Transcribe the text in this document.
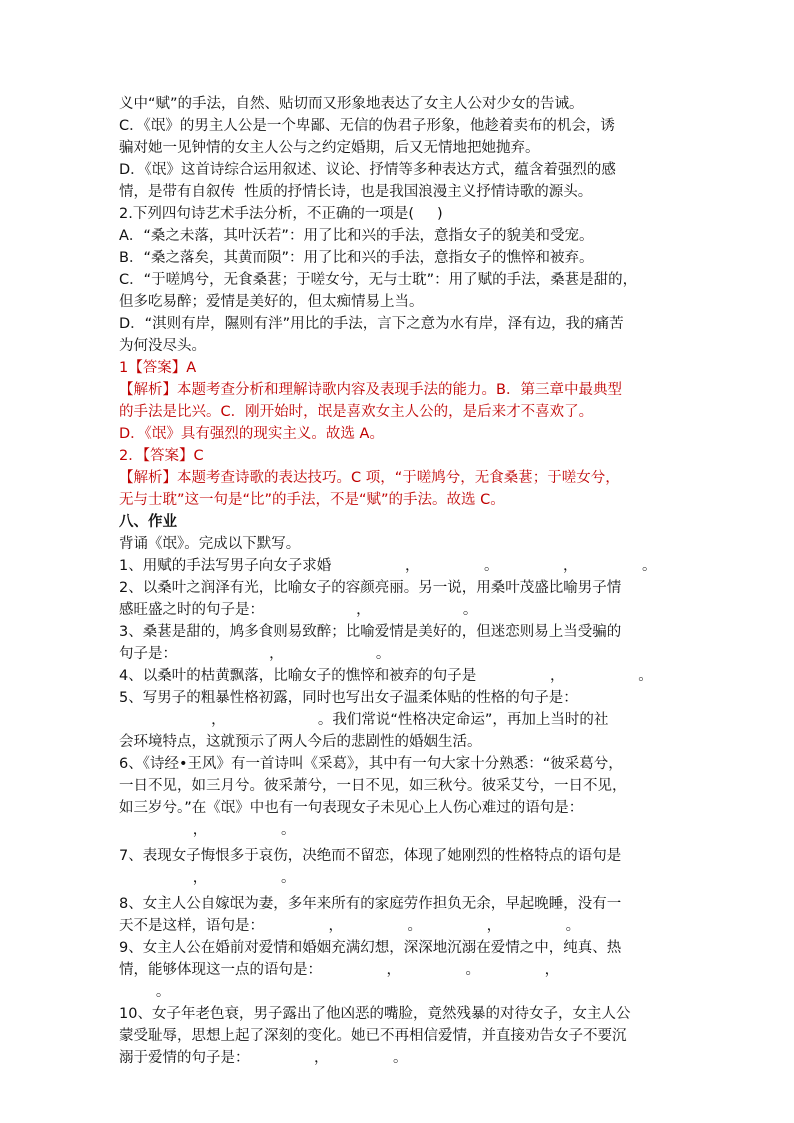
义中“赋”的手法，自然、贴切而又形象地表达了女主人公对少女的告诫。
C．《氓》的男主人公是一个卑鄙、无信的伪君子形象，他趁着卖布的机会，诱
骗对她一见钟情的女主人公与之约定婚期，后又无情地把她抛弃。
D．《氓》这首诗综合运用叙述、议论、抒情等多种表达方式，蕴含着强烈的感
情，是带有自叙传  性质的抒情长诗，也是我国浪漫主义抒情诗歌的源头。
2.下列四句诗艺术手法分析，不正确的一项是(     )
A．“桑之未落，其叶沃若”：用了比和兴的手法，意指女子的貌美和受宠。
B．“桑之落矣，其黄而陨”：用了比和兴的手法，意指女子的憔悴和被弃。
C．“于嗟鸠兮，无食桑葚；于嗟女兮，无与士耽”：用了赋的手法，桑葚是甜的，
但多吃易醉；爱情是美好的，但太痴情易上当。
D．“淇则有岸，隰则有泮”用比的手法，言下之意为水有岸，泽有边，我的痛苦
为何没尽头。
1【答案】A
【解析】本题考查分析和理解诗歌内容及表现手法的能力。B．第三章中最典型
的手法是比兴。C．刚开始时，氓是喜欢女主人公的，是后来才不喜欢了。
D．《氓》具有强烈的现实主义。故选 A。
2．【答案】C
【解析】本题考查诗歌的表达技巧。C 项，“于嗟鸠兮，无食桑葚；于嗟女兮，
无与士耽”这一句是“比”的手法，不是“赋”的手法。故选 C。
八、作业
背诵《氓》。完成以下默写。
1、用赋的手法写男子向女子求婚                ，              。              ，              。
2、以桑叶之润泽有光，比喻女子的容颜亮丽。另一说，用桑叶茂盛比喻男子情
感旺盛之时的句子是：                    ，                    。
3、桑葚是甜的，鸠多食则易致醉；比喻爱情是美好的，但迷恋则易上当受骗的
句子是：                    ，                    。
4、以桑叶的枯黄飘落，比喻女子的憔悴和被弃的句子是                ，                。
5、写男子的粗暴性格初露，同时也写出女子温柔体贴的性格的句子是：
，                    。我们常说“性格决定命运”，再加上当时的社
会环境特点，这就预示了两人今后的悲剧性的婚姻生活。
6、《诗经•王风》有一首诗叫《采葛》，其中有一句大家十分熟悉：“彼采葛兮，
一日不见，如三月兮。彼采萧兮，一日不见，如三秋兮。彼采艾兮，一日不见，
如三岁兮。”在《氓》中也有一句表现女子未见心上人伤心难过的语句是：
，                。
7、表现女子悔恨多于哀伤，决绝而不留恋，体现了她刚烈的性格特点的语句是
，                。
8、女主人公自嫁氓为妻，多年来所有的家庭劳作担负无余，早起晚睡，没有一
天不是这样，语句是：              ，              。              ，              。
9、女主人公在婚前对爱情和婚姻充满幻想，深深地沉溺在爱情之中，纯真、热
情，能够体现这一点的语句是：              ，              。              ，
。
10、女子年老色衰，男子露出了他凶恶的嘴脸，竟然残暴的对待女子，女主人公
蒙受耻辱，思想上起了深刻的变化。她已不再相信爱情，并直接劝告女子不要沉
溺于爱情的句子是：              ，              。
